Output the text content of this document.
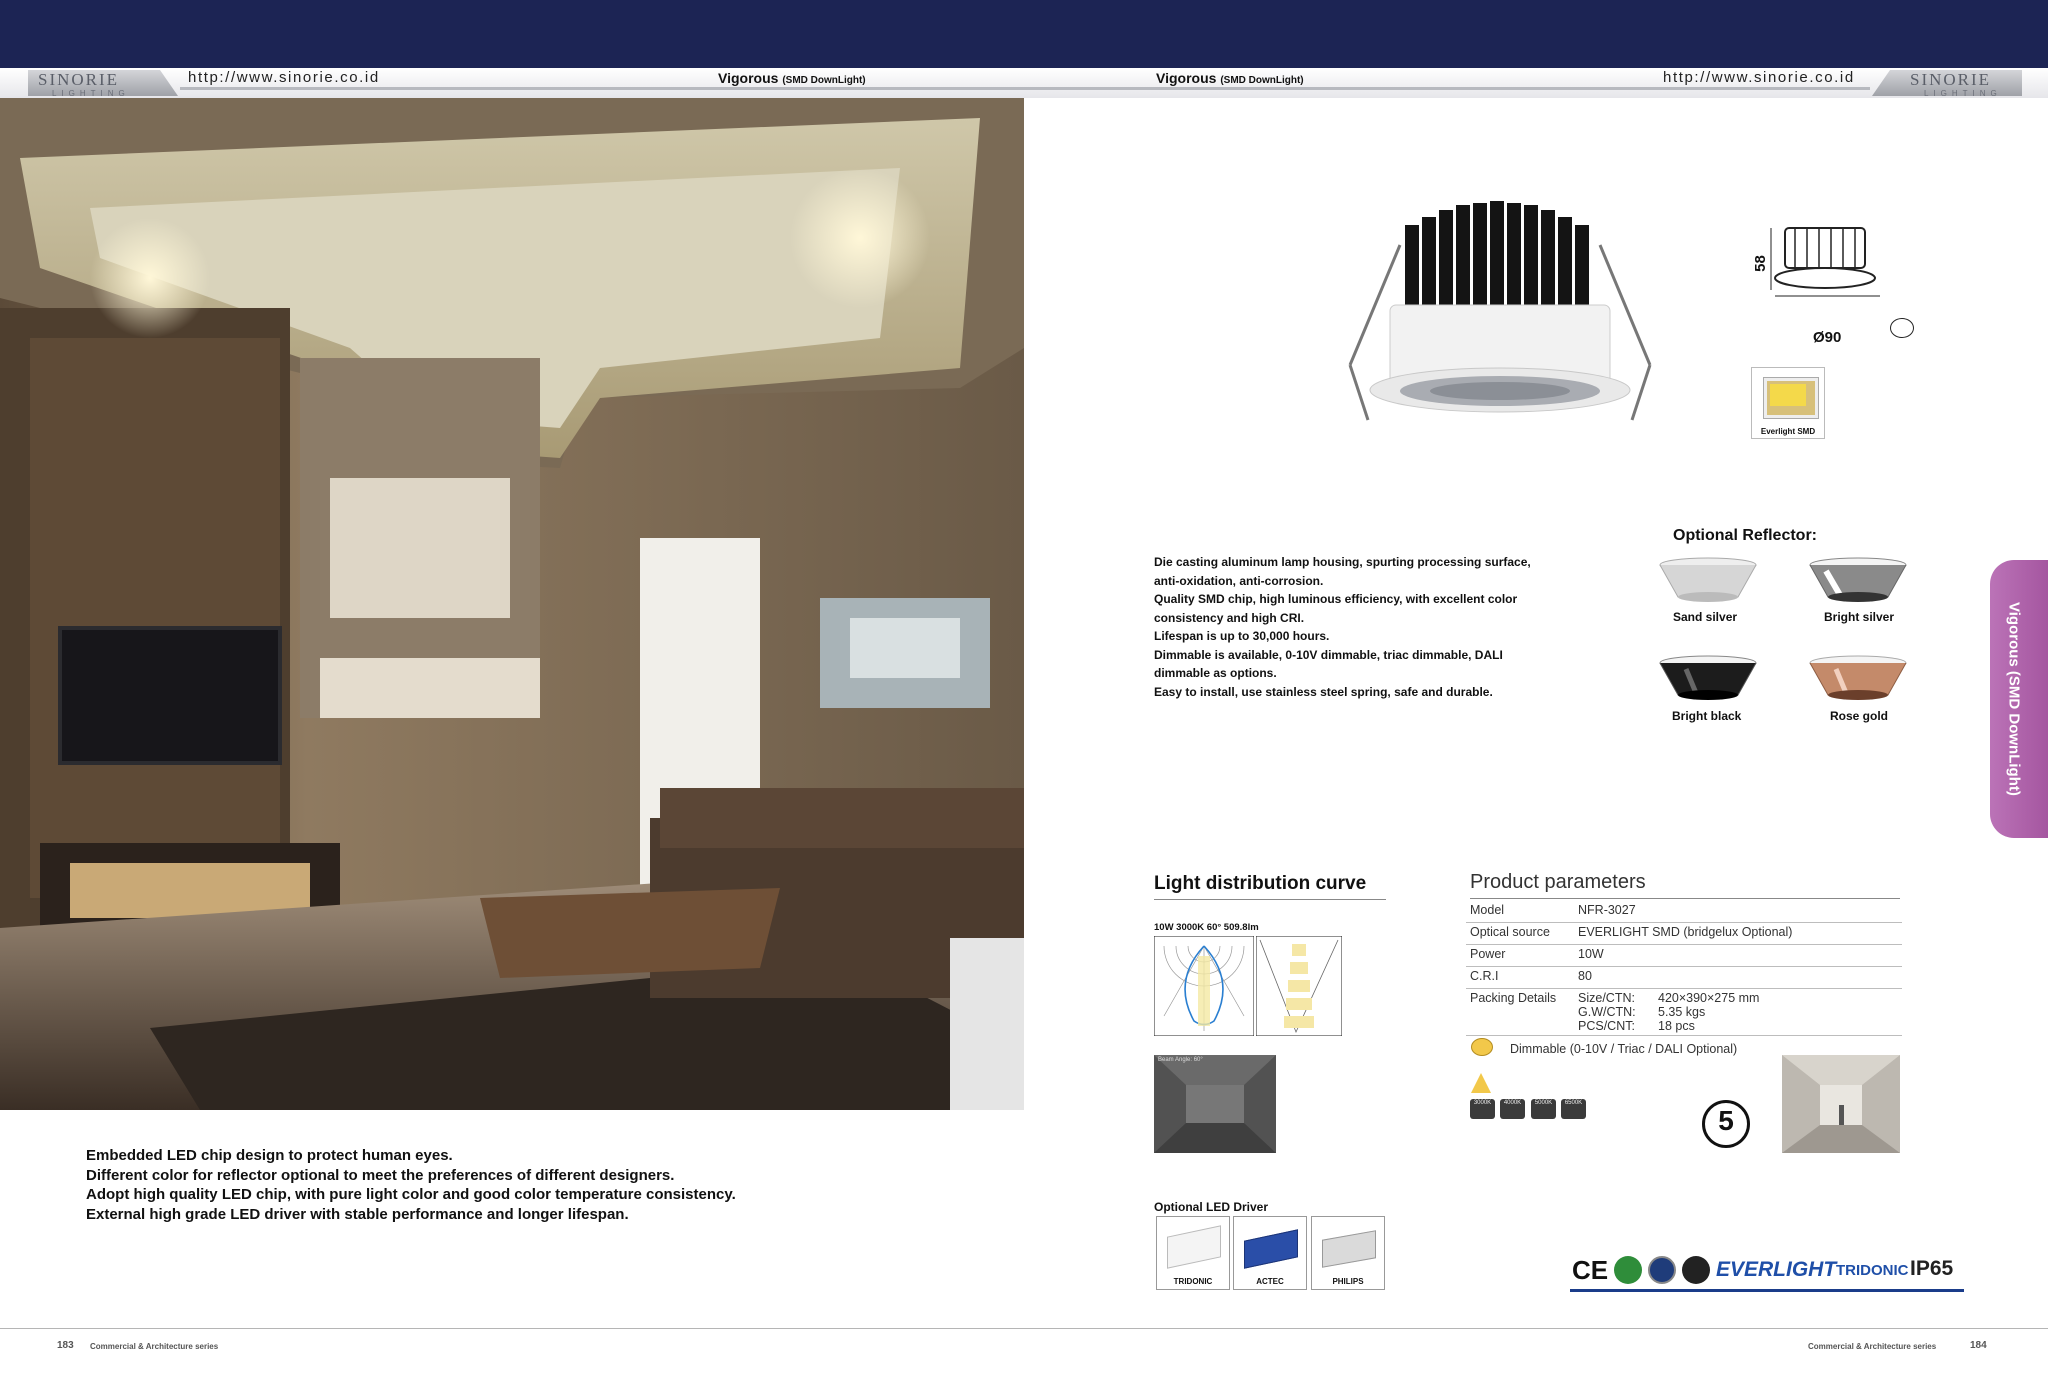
SINORIE
LIGHTING
SINORIE
LIGHTING
http://www.sinorie.co.id	http://www.sinorie.co.id
Vigorous (SMD DownLight)	Vigorous (SMD DownLight)
Embedded LED chip design to protect human eyes.
Different color for reflector optional to meet the preferences of different designers.
Adopt high quality LED chip, with pure light color and good color temperature consistency.
External high grade LED driver with stable performance and longer lifespan.
58
Ø90
Everlight SMD
Die casting aluminum lamp housing, spurting processing surface,
anti-oxidation, anti-corrosion.
Quality SMD chip, high luminous efficiency, with excellent color
consistency and high CRI.
Lifespan is up to 30,000 hours.
Dimmable is available, 0-10V dimmable, triac dimmable, DALI
dimmable as options.
Easy to install, use stainless steel spring, safe and durable.
Optional Reflector:
Sand silver	Bright silver
Bright black	Rose gold	Vigorous (SMD DownLight)
Light distribution curve
10W 3000K 60° 509.8lm
Beam Angle: 60°
Product parameters
Model	NFR-3027
Optical source	EVERLIGHT SMD (bridgelux Optional)
Power	10W
C.R.I	80
Packing Details	Size/CTN: 420×390×275 mm
G.W/CTN: 5.35 kgs
PCS/CNT: 18 pcs
Dimmable (0-10V / Triac / DALI Optional)
3000K	4000K	5000K	6500K
5
Optional LED Driver
TRIDONIC	ACTEC	PHILIPS	CE	EVERLIGHT TRIDONIC IP65
183 Commercial & Architecture series	Commercial & Architecture series	184
